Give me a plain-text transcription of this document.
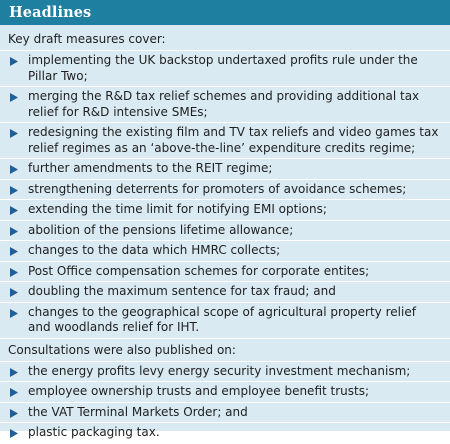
Headlines
Key draft measures cover:
implementing the UK backstop undertaxed profits rule under the Pillar Two;
merging the R&D tax relief schemes and providing additional tax relief for R&D intensive SMEs;
redesigning the existing film and TV tax reliefs and video games tax relief regimes as an ‘above-the-line’ expenditure credits regime;
further amendments to the REIT regime;
strengthening deterrents for promoters of avoidance schemes;
extending the time limit for notifying EMI options;
abolition of the pensions lifetime allowance;
changes to the data which HMRC collects;
Post Office compensation schemes for corporate entites;
doubling the maximum sentence for tax fraud; and
changes to the geographical scope of agricultural property relief and woodlands relief for IHT.
Consultations were also published on:
the energy profits levy energy security investment mechanism;
employee ownership trusts and employee benefit trusts;
the VAT Terminal Markets Order; and
plastic packaging tax.
